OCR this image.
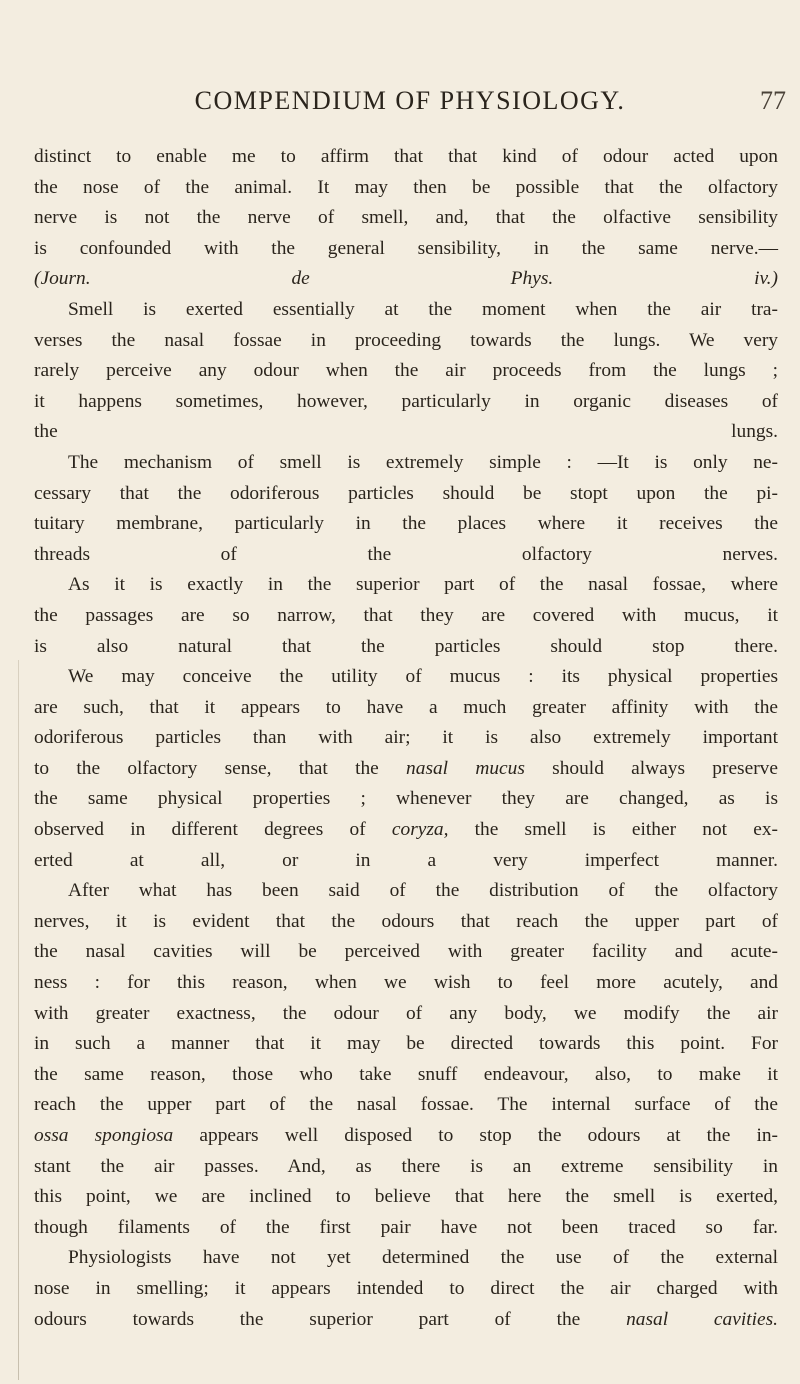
COMPENDIUM OF PHYSIOLOGY.	77

distinct to enable me to affirm that that kind of odour acted upon
the nose of the animal. It may then be possible that the olfactory
nerve is not the nerve of smell, and, that the olfactive sensibility
is confounded with the general sensibility, in the same nerve.—
(Journ. de Phys. iv.)

Smell is exerted essentially at the moment when the air tra-
verses the nasal fossae in proceeding towards the lungs. We very
rarely perceive any odour when the air proceeds from the lungs ;
it happens sometimes, however, particularly in organic diseases of
the lungs.

The mechanism of smell is extremely simple : —It is only ne-
cessary that the odoriferous particles should be stopt upon the pi-
tuitary membrane, particularly in the places where it receives the
threads of the olfactory nerves.

As it is exactly in the superior part of the nasal fossae, where
the passages are so narrow, that they are covered with mucus, it
is also natural that the particles should stop there.

We may conceive the utility of mucus : its physical properties
are such, that it appears to have a much greater affinity with the
odoriferous particles than with air; it is also extremely important
to the olfactory sense, that the nasal mucus should always preserve
the same physical properties ; whenever they are changed, as is
observed in different degrees of coryza, the smell is either not ex-
erted at all, or in a very imperfect manner.

After what has been said of the distribution of the olfactory
nerves, it is evident that the odours that reach the upper part of
the nasal cavities will be perceived with greater facility and acute-
ness : for this reason, when we wish to feel more acutely, and
with greater exactness, the odour of any body, we modify the air
in such a manner that it may be directed towards this point. For
the same reason, those who take snuff endeavour, also, to make it
reach the upper part of the nasal fossae. The internal surface of the
ossa spongiosa appears well disposed to stop the odours at the in-
stant the air passes. And, as there is an extreme sensibility in
this point, we are inclined to believe that here the smell is exerted,
though filaments of the first pair have not been traced so far.

Physiologists have not yet determined the use of the external
nose in smelling; it appears intended to direct the air charged with
odours towards the superior part of the nasal cavities.
